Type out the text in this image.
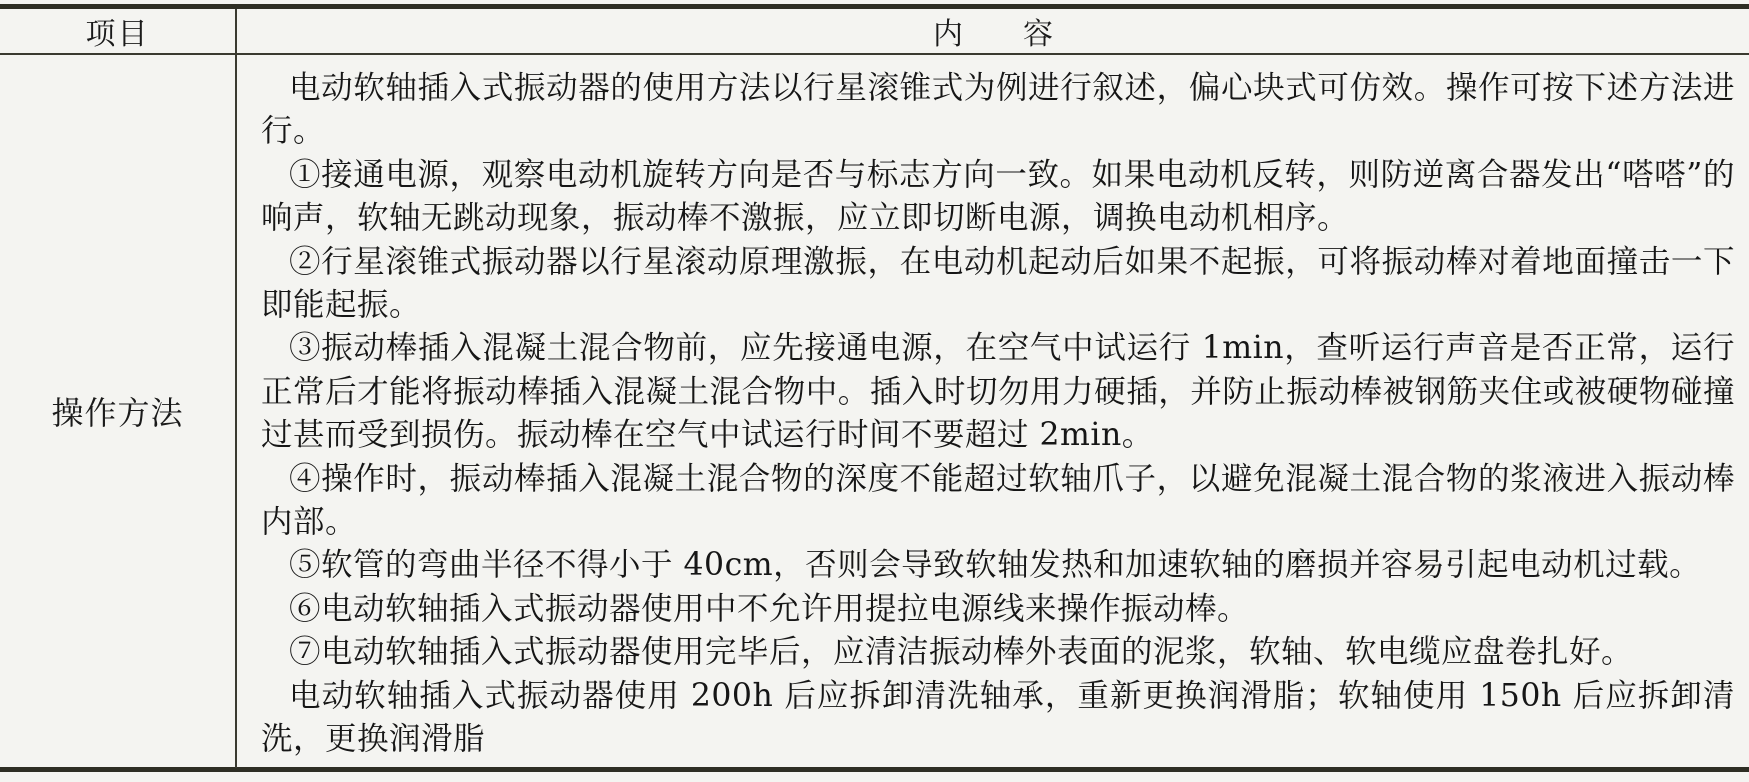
项目	内　　容
操作方法

电动软轴插入式振动器的使用方法以行星滚锥式为例进行叙述，偏心块式可仿效。操作可按下述方法进行。

①接通电源，观察电动机旋转方向是否与标志方向一致。如果电动机反转，则防逆离合器发出“嗒嗒”的响声，软轴无跳动现象，振动棒不激振，应立即切断电源，调换电动机相序。

②行星滚锥式振动器以行星滚动原理激振，在电动机起动后如果不起振，可将振动棒对着地面撞击一下即能起振。

③振动棒插入混凝土混合物前，应先接通电源，在空气中试运行 1min，查听运行声音是否正常，运行正常后才能将振动棒插入混凝土混合物中。插入时切勿用力硬插，并防止振动棒被钢筋夹住或被硬物碰撞过甚而受到损伤。振动棒在空气中试运行时间不要超过 2min。

④操作时，振动棒插入混凝土混合物的深度不能超过软轴爪子，以避免混凝土混合物的浆液进入振动棒内部。

⑤软管的弯曲半径不得小于 40cm，否则会导致软轴发热和加速软轴的磨损并容易引起电动机过载。

⑥电动软轴插入式振动器使用中不允许用提拉电源线来操作振动棒。

⑦电动软轴插入式振动器使用完毕后，应清洁振动棒外表面的泥浆，软轴、软电缆应盘卷扎好。

电动软轴插入式振动器使用 200h 后应拆卸清洗轴承，重新更换润滑脂；软轴使用 150h 后应拆卸清洗，更换润滑脂
